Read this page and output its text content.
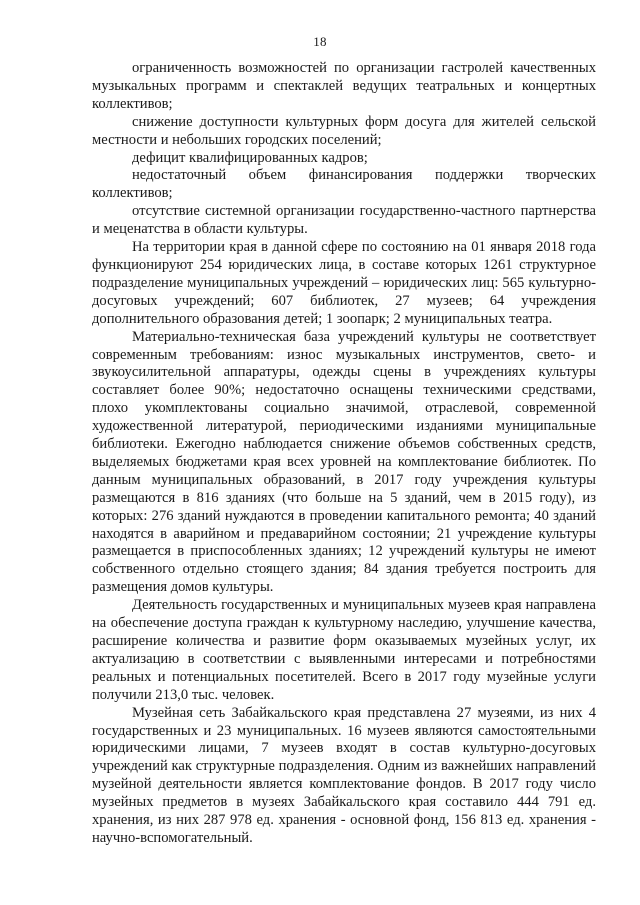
18

ограниченность возможностей по организации гастролей качественных музыкальных программ и спектаклей ведущих театральных и концертных коллективов;

снижение доступности культурных форм досуга для жителей сельской местности и небольших городских поселений;

дефицит квалифицированных кадров;

недостаточный объем финансирования поддержки творческих коллективов;

отсутствие системной организации государственно-частного партнерства и меценатства в области культуры.

На территории края в данной сфере по состоянию на 01 января 2018 года функционируют 254 юридических лица, в составе которых 1261 структурное подразделение муниципальных учреждений – юридических лиц: 565 культурно-досуговых учреждений; 607 библиотек, 27 музеев; 64 учреждения дополнительного образования детей; 1 зоопарк; 2 муниципальных театра.

Материально-техническая база учреждений культуры не соответствует современным требованиям: износ музыкальных инструментов, свето- и звукоусилительной аппаратуры, одежды сцены в учреждениях культуры составляет более 90%; недостаточно оснащены техническими средствами, плохо укомплектованы социально значимой, отраслевой, современной художественной литературой, периодическими изданиями муниципальные библиотеки. Ежегодно наблюдается снижение объемов собственных средств, выделяемых бюджетами края всех уровней на комплектование библиотек. По данным муниципальных образований, в 2017 году учреждения культуры размещаются в 816 зданиях (что больше на 5 зданий, чем в 2015 году), из которых: 276 зданий нуждаются в проведении капитального ремонта; 40 зданий находятся в аварийном и предаварийном состоянии; 21 учреждение культуры размещается в приспособленных зданиях; 12 учреждений культуры не имеют собственного отдельно стоящего здания; 84 здания требуется построить для размещения домов культуры.

Деятельность государственных и муниципальных музеев края направлена на обеспечение доступа граждан к культурному наследию, улучшение качества, расширение количества и развитие форм оказываемых музейных услуг, их актуализацию в соответствии с выявленными интересами и потребностями реальных и потенциальных посетителей. Всего в 2017 году музейные услуги получили 213,0 тыс. человек.

Музейная сеть Забайкальского края представлена 27 музеями, из них 4 государственных и 23 муниципальных. 16 музеев являются самостоятельными юридическими лицами, 7 музеев входят в состав культурно-досуговых учреждений как структурные подразделения. Одним из важнейших направлений музейной деятельности является комплектование фондов. В 2017 году число музейных предметов в музеях Забайкальского края составило 444 791 ед. хранения, из них 287 978 ед. хранения - основной фонд, 156 813 ед. хранения - научно-вспомогательный.
